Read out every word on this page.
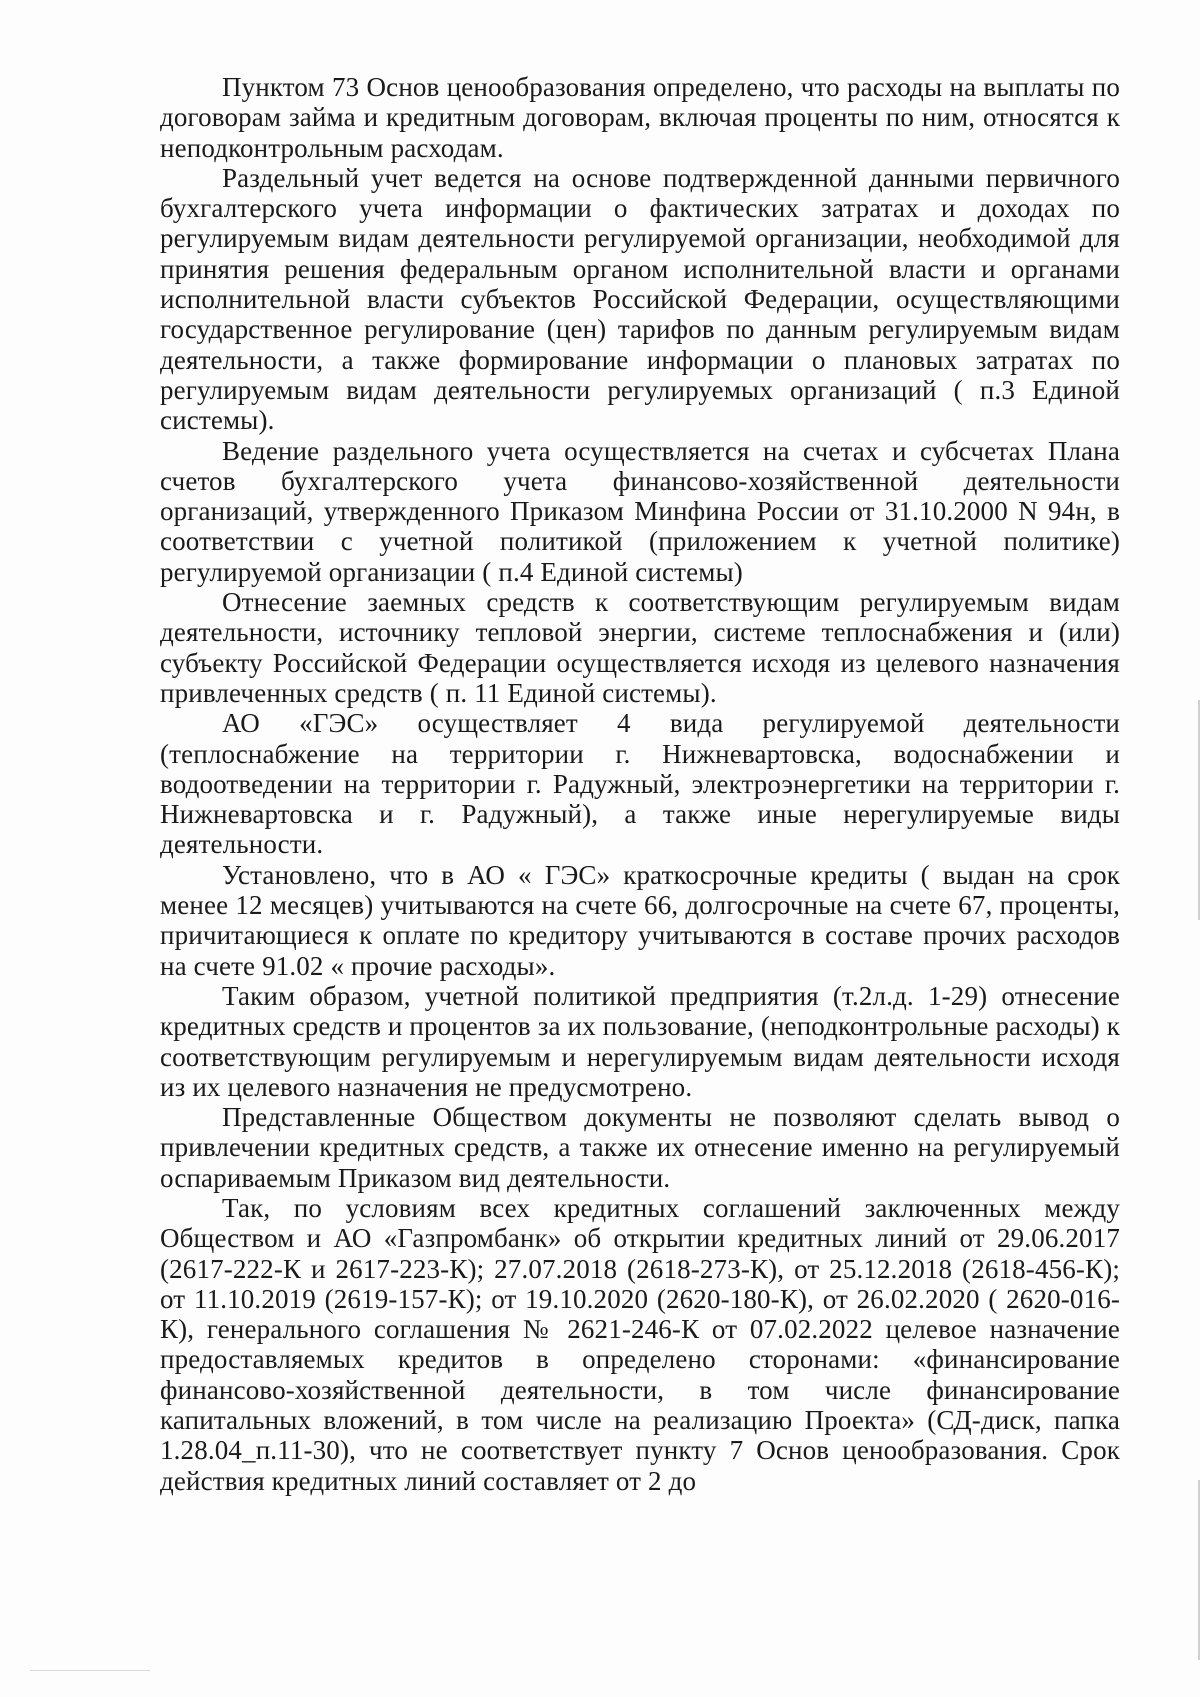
Пунктом 73 Основ ценообразования определено, что расходы на выплаты по договорам займа и кредитным договорам, включая проценты по ним, относятся к неподконтрольным расходам.

Раздельный учет ведется на основе подтвержденной данными первичного бухгалтерского учета информации о фактических затратах и доходах по регулируемым видам деятельности регулируемой организации, необходимой для принятия решения федеральным органом исполнительной власти и органами исполнительной власти субъектов Российской Федерации, осуществляющими государственное регулирование (цен) тарифов по данным регулируемым видам деятельности, а также формирование информации о плановых затратах по регулируемым видам деятельности регулируемых организаций ( п.3 Единой системы).

Ведение раздельного учета осуществляется на счетах и субсчетах Плана счетов бухгалтерского учета финансово-хозяйственной деятельности организаций, утвержденного Приказом Минфина России от 31.10.2000 N 94н, в соответствии с учетной политикой (приложением к учетной политике) регулируемой организации ( п.4 Единой системы)

Отнесение заемных средств к соответствующим регулируемым видам деятельности, источнику тепловой энергии, системе теплоснабжения и (или) субъекту Российской Федерации осуществляется исходя из целевого назначения привлеченных средств ( п. 11 Единой системы).

АО «ГЭС» осуществляет 4 вида регулируемой деятельности (теплоснабжение на территории г. Нижневартовска, водоснабжении и водоотведении на территории г. Радужный, электроэнергетики на территории г. Нижневартовска и г. Радужный), а также иные нерегулируемые виды деятельности.

Установлено, что в АО « ГЭС» краткосрочные кредиты ( выдан на срок менее 12 месяцев) учитываются на счете 66, долгосрочные на счете 67, проценты, причитающиеся к оплате по кредитору учитываются в составе прочих расходов на счете 91.02 « прочие расходы».

Таким образом, учетной политикой предприятия (т.2л.д. 1-29) отнесение кредитных средств и процентов за их пользование, (неподконтрольные расходы) к соответствующим регулируемым и нерегулируемым видам деятельности исходя из их целевого назначения не предусмотрено.

Представленные Обществом документы не позволяют сделать вывод о привлечении кредитных средств, а также их отнесение именно на регулируемый оспариваемым Приказом вид деятельности.

Так, по условиям всех кредитных соглашений заключенных между Обществом и АО «Газпромбанк» об открытии кредитных линий от 29.06.2017 (2617-222-К и 2617-223-К); 27.07.2018 (2618-273-К), от 25.12.2018 (2618-456-К); от 11.10.2019 (2619-157-К); от 19.10.2020 (2620-180-К), от 26.02.2020 ( 2620-016-К), генерального соглашения № 2621-246-К от 07.02.2022 целевое назначение предоставляемых кредитов в определено сторонами: «финансирование финансово-хозяйственной деятельности, в том числе финансирование капитальных вложений, в том числе на реализацию Проекта» (СД-диск, папка 1.28.04_п.11-30), что не соответствует пункту 7 Основ ценообразования. Срок действия кредитных линий составляет от 2 до
